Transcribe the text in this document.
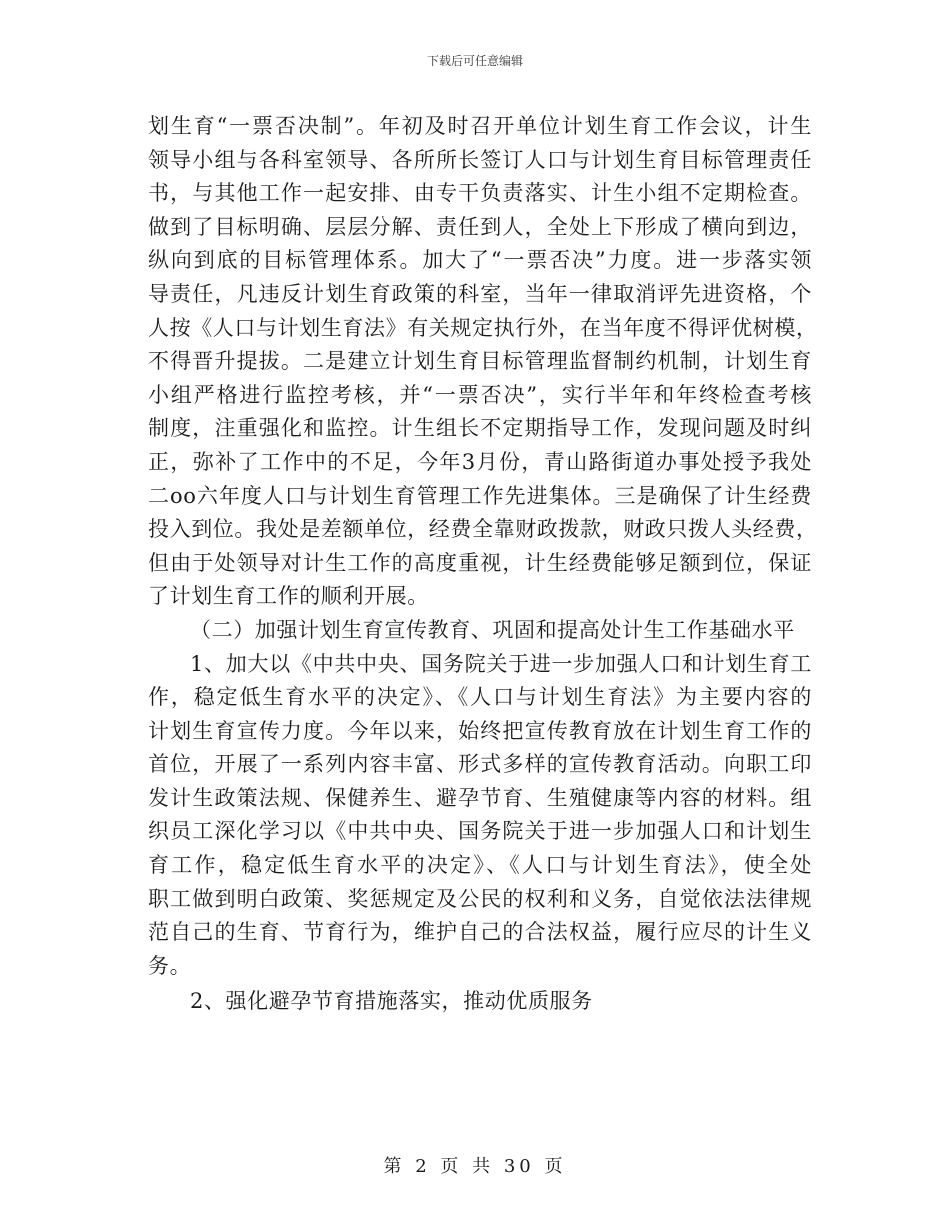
下载后可任意编辑
划生育“一票否决制”。年初及时召开单位计划生育工作会议，计生
领导小组与各科室领导、各所所长签订人口与计划生育目标管理责任
书，与其他工作一起安排、由专干负责落实、计生小组不定期检查。
做到了目标明确、层层分解、责任到人，全处上下形成了横向到边，
纵向到底的目标管理体系。加大了“一票否决”力度。进一步落实领
导责任，凡违反计划生育政策的科室，当年一律取消评先进资格，个
人按《人口与计划生育法》有关规定执行外，在当年度不得评优树模，
不得晋升提拔。二是建立计划生育目标管理监督制约机制，计划生育
小组严格进行监控考核，并“一票否决”，实行半年和年终检查考核
制度，注重强化和监控。计生组长不定期指导工作，发现问题及时纠
正，弥补了工作中的不足，今年3月份，青山路街道办事处授予我处
二oo六年度人口与计划生育管理工作先进集体。三是确保了计生经费
投入到位。我处是差额单位，经费全靠财政拨款，财政只拨人头经费，
但由于处领导对计生工作的高度重视，计生经费能够足额到位，保证
了计划生育工作的顺利开展。
（二）加强计划生育宣传教育、巩固和提高处计生工作基础水平
1、加大以《中共中央、国务院关于进一步加强人口和计划生育工
作，稳定低生育水平的决定》、《人口与计划生育法》为主要内容的
计划生育宣传力度。今年以来，始终把宣传教育放在计划生育工作的
首位，开展了一系列内容丰富、形式多样的宣传教育活动。向职工印
发计生政策法规、保健养生、避孕节育、生殖健康等内容的材料。组
织员工深化学习以《中共中央、国务院关于进一步加强人口和计划生
育工作，稳定低生育水平的决定》、《人口与计划生育法》，使全处
职工做到明白政策、奖惩规定及公民的权利和义务，自觉依法法律规
范自己的生育、节育行为，维护自己的合法权益，履行应尽的计生义
务。
2、强化避孕节育措施落实，推动优质服务
第 2 页 共 30 页
